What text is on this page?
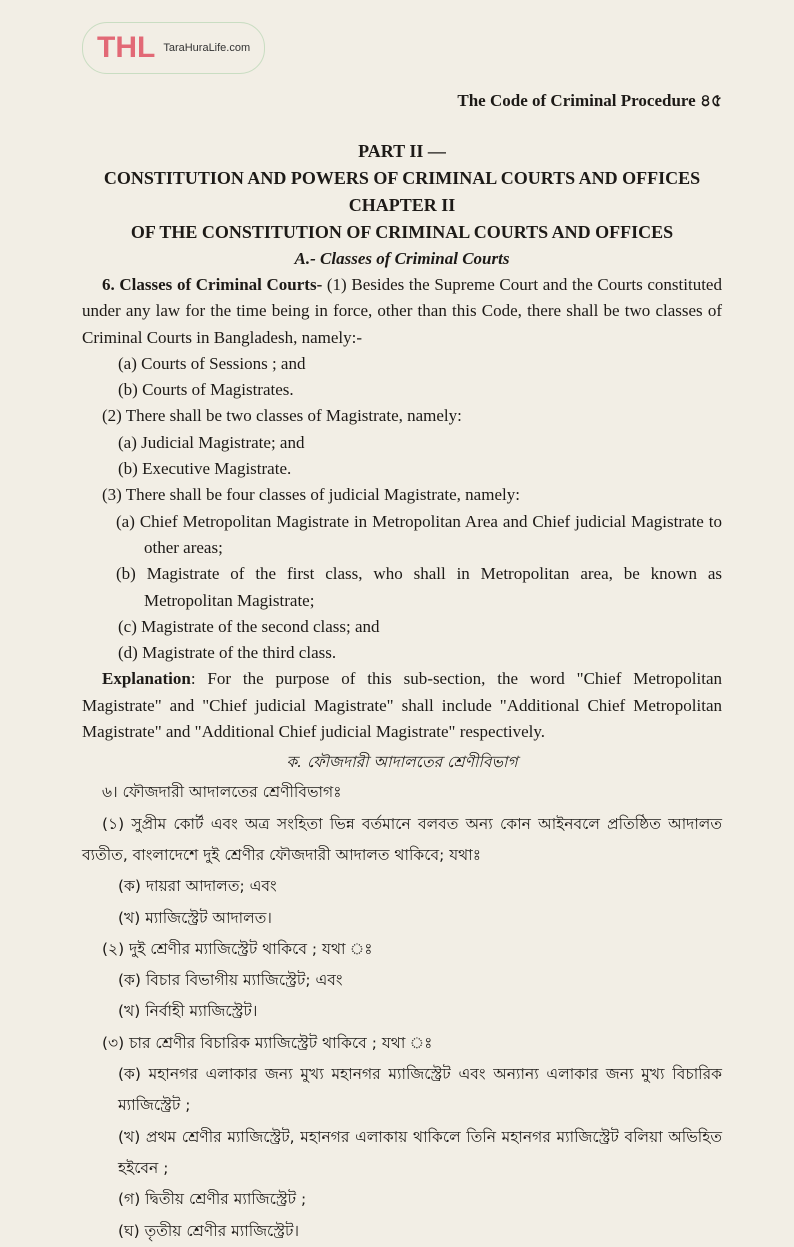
THL TaraHuraLife.com
The Code of Criminal Procedure ৪৫
PART II —
CONSTITUTION AND POWERS OF CRIMINAL COURTS AND OFFICES
CHAPTER II
OF THE CONSTITUTION OF CRIMINAL COURTS AND OFFICES
A.- Classes of Criminal Courts

6. Classes of Criminal Courts- (1) Besides the Supreme Court and the Courts constituted under any law for the time being in force, other than this Code, there shall be two classes of Criminal Courts in Bangladesh, namely:-

(a) Courts of Sessions ; and

(b) Courts of Magistrates.

(2) There shall be two classes of Magistrate, namely:

(a) Judicial Magistrate; and

(b) Executive Magistrate.

(3) There shall be four classes of judicial Magistrate, namely:

(a) Chief Metropolitan Magistrate in Metropolitan Area and Chief judicial Magistrate to other areas;

(b) Magistrate of the first class, who shall in Metropolitan area, be known as Metropolitan Magistrate;

(c) Magistrate of the second class; and

(d) Magistrate of the third class.

Explanation: For the purpose of this sub-section, the word "Chief Metropolitan Magistrate" and "Chief judicial Magistrate" shall include "Additional Chief Metropolitan Magistrate" and "Additional Chief judicial Magistrate" respectively.

ক. ফৌজদারী আদালতের শ্রেণীবিভাগ

৬। ফৌজদারী আদালতের শ্রেণীবিভাগঃ

(১) সুপ্রীম কোর্ট এবং অত্র সংহিতা ভিন্ন বর্তমানে বলবত অন্য কোন আইনবলে প্রতিষ্ঠিত আদালত ব্যতীত, বাংলাদেশে দুই শ্রেণীর ফৌজদারী আদালত থাকিবে; যথাঃ

(ক) দায়রা আদালত; এবং

(খ) ম্যাজিস্ট্রেট আদালত।

(২) দুই শ্রেণীর ম্যাজিস্ট্রেট থাকিবে ; যথা ঃ

(ক) বিচার বিভাগীয় ম্যাজিস্ট্রেট; এবং

(খ) নির্বাহী ম্যাজিস্ট্রেট।

(৩) চার শ্রেণীর বিচারিক ম্যাজিস্ট্রেট থাকিবে ; যথা ঃ

(ক) মহানগর এলাকার জন্য মুখ্য মহানগর ম্যাজিস্ট্রেট এবং অন্যান্য এলাকার জন্য মুখ্য বিচারিক ম্যাজিস্ট্রেট ;

(খ) প্রথম শ্রেণীর ম্যাজিস্ট্রেট, মহানগর এলাকায় থাকিলে তিনি মহানগর ম্যাজিস্ট্রেট বলিয়া অভিহিত হইবেন ;

(গ) দ্বিতীয় শ্রেণীর ম্যাজিস্ট্রেট ;

(ঘ) তৃতীয় শ্রেণীর ম্যাজিস্ট্রেট।
